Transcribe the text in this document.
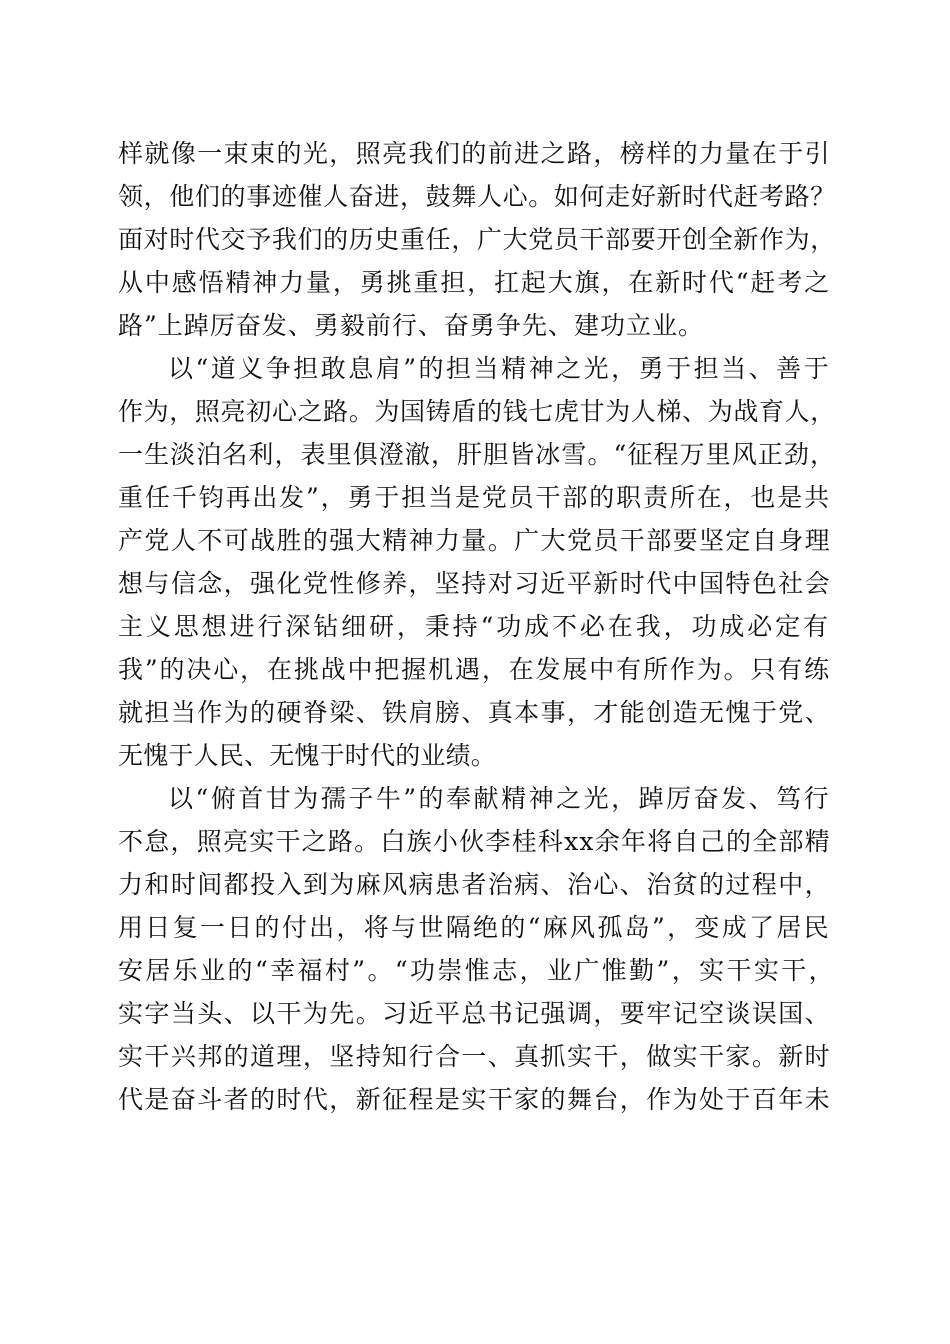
样就像一束束的光，照亮我们的前进之路，榜样的力量在于引
领，他们的事迹催人奋进，鼓舞人心。如何走好新时代赶考路？
面对时代交予我们的历史重任，广大党员干部要开创全新作为，
从中感悟精神力量，勇挑重担，扛起大旗，在新时代“赶考之
路”上踔厉奋发、勇毅前行、奋勇争先、建功立业。
以“道义争担敢息肩”的担当精神之光，勇于担当、善于
作为，照亮初心之路。为国铸盾的钱七虎甘为人梯、为战育人，
一生淡泊名利，表里俱澄澈，肝胆皆冰雪。“征程万里风正劲，
重任千钧再出发”，勇于担当是党员干部的职责所在，也是共
产党人不可战胜的强大精神力量。广大党员干部要坚定自身理
想与信念，强化党性修养，坚持对习近平新时代中国特色社会
主义思想进行深钻细研，秉持“功成不必在我，功成必定有
我”的决心，在挑战中把握机遇，在发展中有所作为。只有练
就担当作为的硬脊梁、铁肩膀、真本事，才能创造无愧于党、
无愧于人民、无愧于时代的业绩。
以“俯首甘为孺子牛”的奉献精神之光，踔厉奋发、笃行
不怠，照亮实干之路。白族小伙李桂科xx余年将自己的全部精
力和时间都投入到为麻风病患者治病、治心、治贫的过程中，
用日复一日的付出，将与世隔绝的“麻风孤岛”，变成了居民
安居乐业的“幸福村”。“功崇惟志，业广惟勤”，实干实干，
实字当头、以干为先。习近平总书记强调，要牢记空谈误国、
实干兴邦的道理，坚持知行合一、真抓实干，做实干家。新时
代是奋斗者的时代，新征程是实干家的舞台，作为处于百年未
